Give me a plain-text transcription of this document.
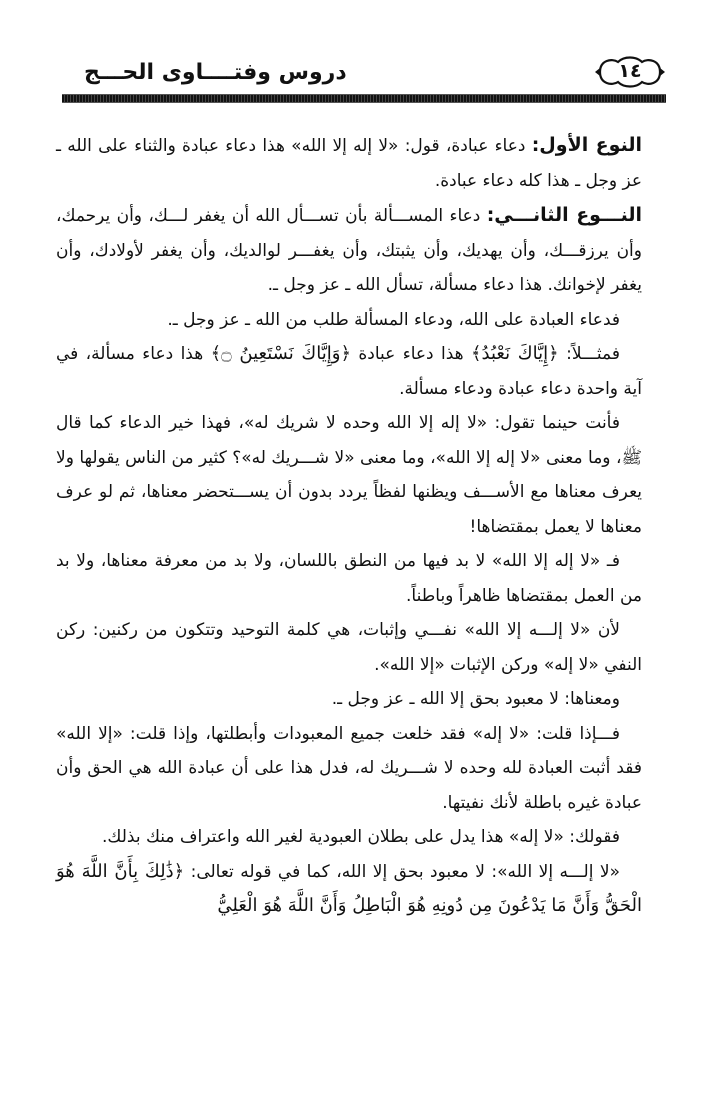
دروس وفتــــاوى الحـــج	١٤

النوع الأول: دعاء عبادة، قول: «لا إله إلا الله» هذا دعاء عبادة والثناء على الله ـ عز وجل ـ هذا كله دعاء عبادة.

النـــوع الثانـــي: دعاء المســـألة بأن تســـأل الله أن يغفر لـــك، وأن يرحمك، وأن يرزقـــك، وأن يهديك، وأن يثبتك، وأن يغفـــر لوالديك، وأن يغفر لأولادك، وأن يغفر لإخوانك. هذا دعاء مسألة، تسأل الله ـ عز وجل ـ.

فدعاء العبادة على الله، ودعاء المسألة طلب من الله ـ عز وجل ـ.

فمثـــلاً: ﴿إِيَّاكَ نَعْبُدُ﴾ هذا دعاء عبادة ﴿وَإِيَّاكَ نَسْتَعِينُ ۝﴾ هذا دعاء مسألة، في آية واحدة دعاء عبادة ودعاء مسألة.

فأنت حينما تقول: «لا إله إلا الله وحده لا شريك له»، فهذا خير الدعاء كما قال ﷺ، وما معنى «لا إله إلا الله»، وما معنى «لا شـــريك له»؟ كثير من الناس يقولها ولا يعرف معناها مع الأســـف ويظنها لفظاً يردد بدون أن يســـتحضر معناها، ثم لو عرف معناها لا يعمل بمقتضاها!

فـ «لا إله إلا الله» لا بد فيها من النطق باللسان، ولا بد من معرفة معناها، ولا بد من العمل بمقتضاها ظاهراً وباطناً.

لأن «لا إلـــه إلا الله» نفـــي وإثبات، هي كلمة التوحيد وتتكون من ركنين: ركن النفي «لا إله» وركن الإثبات «إلا الله».

ومعناها: لا معبود بحق إلا الله ـ عز وجل ـ.

فـــإذا قلت: «لا إله» فقد خلعت جميع المعبودات وأبطلتها، وإذا قلت: «إلا الله» فقد أثبت العبادة لله وحده لا شـــريك له، فدل هذا على أن عبادة الله هي الحق وأن عبادة غيره باطلة لأنك نفيتها.

فقولك: «لا إله» هذا يدل على بطلان العبودية لغير الله واعتراف منك بذلك.

«لا إلـــه إلا الله»: لا معبود بحق إلا الله، كما في قوله تعالى: ﴿ذَٰلِكَ بِأَنَّ اللَّهَ هُوَ الْحَقُّ وَأَنَّ مَا يَدْعُونَ مِن دُونِهِ هُوَ الْبَاطِلُ وَأَنَّ اللَّهَ هُوَ الْعَلِيُّ
